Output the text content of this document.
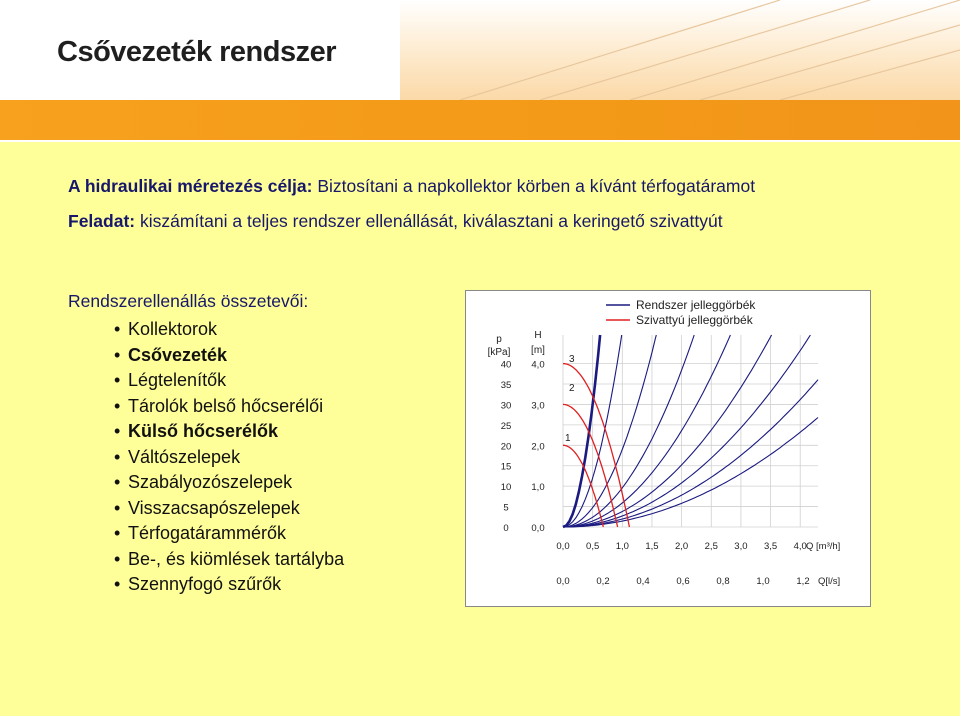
Csővezeték rendszer
A hidraulikai méretezés célja: Biztosítani a napkollektor körben a kívánt térfogatáramot
Feladat: kiszámítani a teljes rendszer ellenállását, kiválasztani a keringető szivattyút
Rendszerellenállás összetevői:
• Kollektorok
• Csővezeték
• Légtelenítők
• Tárolók belső hőcserélői
• Külső hőcserélők
• Váltószelepek
• Szabályozószelepek
• Visszacsapószelepek
• Térfogatárammérők
• Be-, és kiömlések tartályba
• Szennyfogó szűrők
3
2
1
Rendszer jelleggörbék
Szivattyú jelleggörbék
p
[kPa]
40
35
30
25
20
15
10
5
0
H
[m]
4,0
3,0
2,0
1,0
0,0
0,0 0,5 1,0 1,5 2,0 2,5 3,0 3,5 4,0 Q [m³/h]
0,0	0,2	0,4	0,6	0,8	1,0	1,2 Q[l/s]
